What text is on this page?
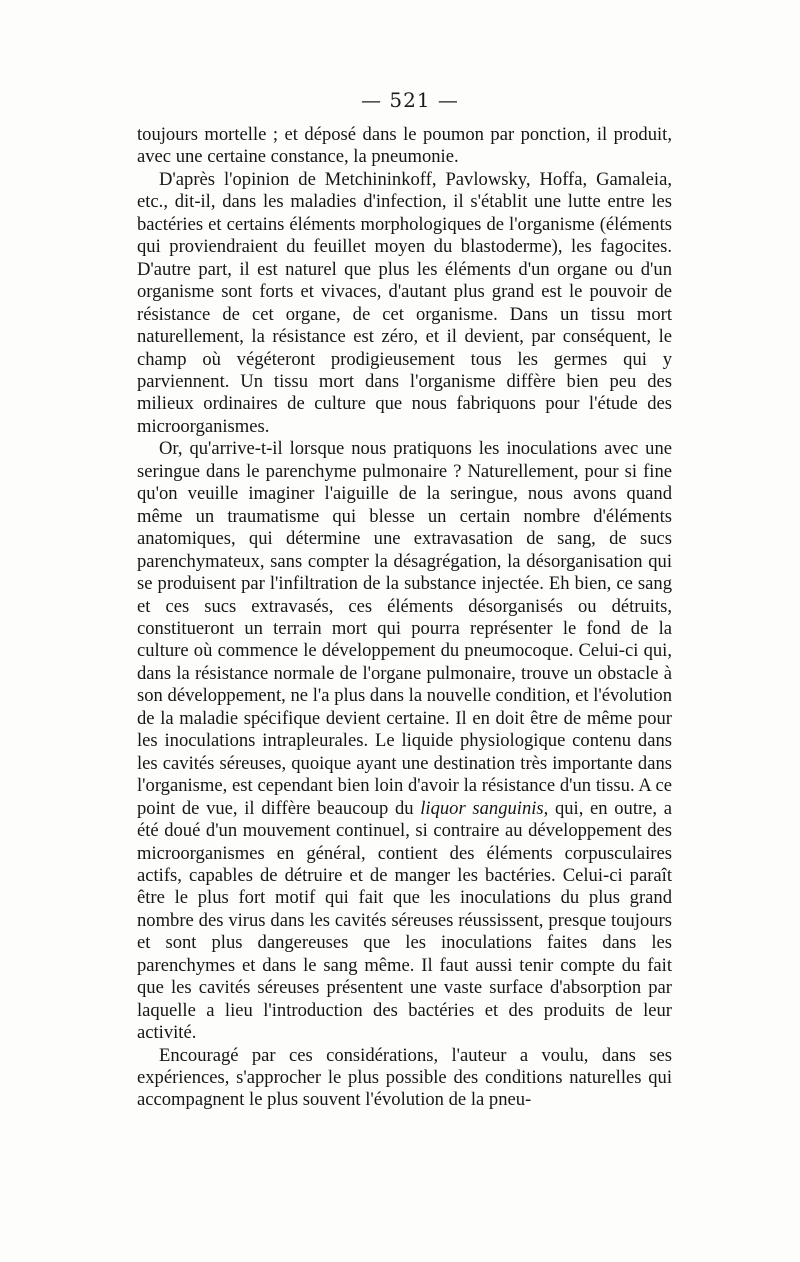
— 521 —

toujours mortelle ; et déposé dans le poumon par ponction, il produit, avec une certaine constance, la pneumonie.

D'après l'opinion de Metchininkoff, Pavlowsky, Hoffa, Gamaleia, etc., dit-il, dans les maladies d'infection, il s'établit une lutte entre les bactéries et certains éléments morphologiques de l'organisme (éléments qui proviendraient du feuillet moyen du blastoderme), les fagocites. D'autre part, il est naturel que plus les éléments d'un organe ou d'un organisme sont forts et vivaces, d'autant plus grand est le pouvoir de résistance de cet organe, de cet organisme. Dans un tissu mort naturellement, la résistance est zéro, et il devient, par conséquent, le champ où végéteront prodigieusement tous les germes qui y parviennent. Un tissu mort dans l'organisme diffère bien peu des milieux ordinaires de culture que nous fabriquons pour l'étude des microorganismes.

Or, qu'arrive-t-il lorsque nous pratiquons les inoculations avec une seringue dans le parenchyme pulmonaire ? Naturellement, pour si fine qu'on veuille imaginer l'aiguille de la seringue, nous avons quand même un traumatisme qui blesse un certain nombre d'éléments anatomiques, qui détermine une extravasation de sang, de sucs parenchymateux, sans compter la désagrégation, la désorganisation qui se produisent par l'infiltration de la substance injectée. Eh bien, ce sang et ces sucs extravasés, ces éléments désorganisés ou détruits, constitueront un terrain mort qui pourra représenter le fond de la culture où commence le développement du pneumocoque. Celui-ci qui, dans la résistance normale de l'organe pulmonaire, trouve un obstacle à son développement, ne l'a plus dans la nouvelle condition, et l'évolution de la maladie spécifique devient certaine. Il en doit être de même pour les inoculations intrapleurales. Le liquide physiologique contenu dans les cavités séreuses, quoique ayant une destination très importante dans l'organisme, est cependant bien loin d'avoir la résistance d'un tissu. A ce point de vue, il diffère beaucoup du liquor sanguinis, qui, en outre, a été doué d'un mouvement continuel, si contraire au développement des microorganismes en général, contient des éléments corpusculaires actifs, capables de détruire et de manger les bactéries. Celui-ci paraît être le plus fort motif qui fait que les inoculations du plus grand nombre des virus dans les cavités séreuses réussissent, presque toujours et sont plus dangereuses que les inoculations faites dans les parenchymes et dans le sang même. Il faut aussi tenir compte du fait que les cavités séreuses présentent une vaste surface d'absorption par laquelle a lieu l'introduction des bactéries et des produits de leur activité.

Encouragé par ces considérations, l'auteur a voulu, dans ses expériences, s'approcher le plus possible des conditions naturelles qui accompagnent le plus souvent l'évolution de la pneu-
